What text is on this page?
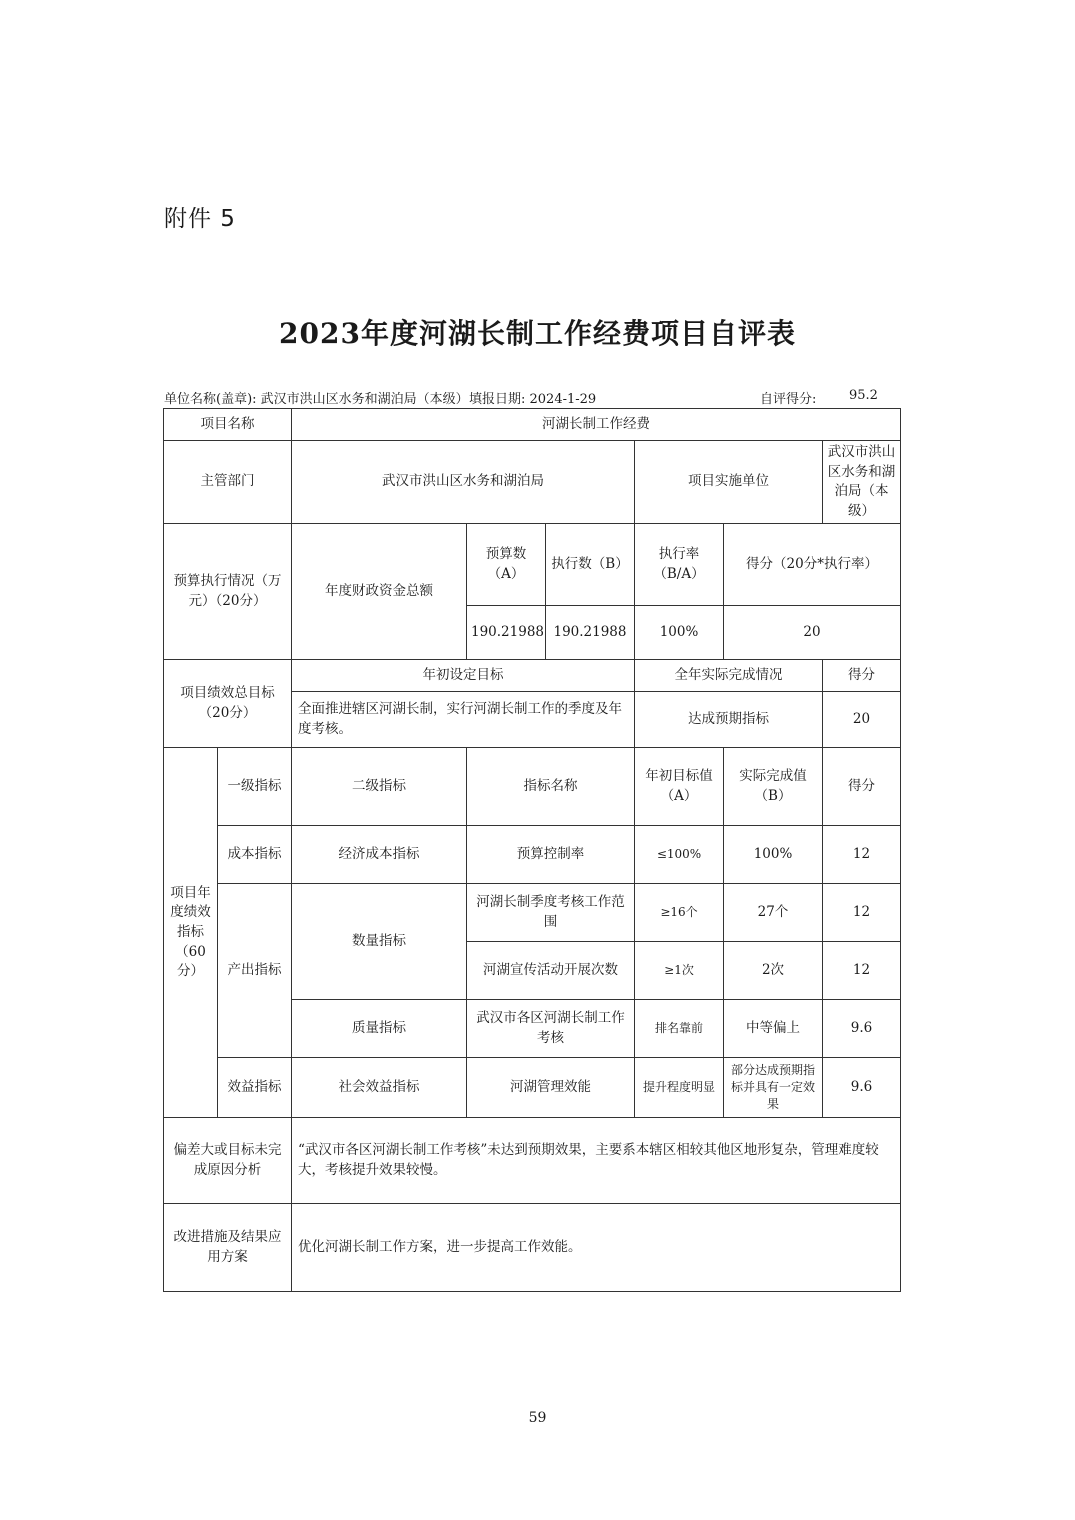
附件 5
2023年度河湖长制工作经费项目自评表
单位名称(盖章): 武汉市洪山区水务和湖泊局（本级） 填报日期: 2024-1-29	自评得分:	95.2
项目名称		河湖长制工作经费					
主管部门		武汉市洪山区水务和湖泊局			项目实施单位		武汉市洪山区水务和湖泊局（本级）
预算执行情况（万元）（20分）		年度财政资金总额	预算数（A）	执行数（B）	执行率（B/A）	得分（20分*执行率）	
			190.21988	190.21988	100%	20	
项目绩效总目标（20分）		年初设定目标			全年实际完成情况		得分
		全面推进辖区河湖长制，实行河湖长制工作的季度及年度考核。			达成预期指标		20
项目年度绩效指标（60分）	一级指标	二级指标	指标名称		年初目标值（A）	实际完成值（B）	得分
	成本指标	经济成本指标	预算控制率		≤100%	100%	12
	产出指标	数量指标	河湖长制季度考核工作范围		≥16个	27个	12
			河湖宣传活动开展次数		≥1次	2次	12
		质量指标	武汉市各区河湖长制工作考核		排名靠前	中等偏上	9.6
	效益指标	社会效益指标	河湖管理效能		提升程度明显	部分达成预期指标并具有一定效果	9.6
偏差大或目标未完成原因分析		“武汉市各区河湖长制工作考核”未达到预期效果，主要系本辖区相较其他区地形复杂，管理难度较大，考核提升效果较慢。					
改进措施及结果应用方案		优化河湖长制工作方案，进一步提高工作效能。					
59
